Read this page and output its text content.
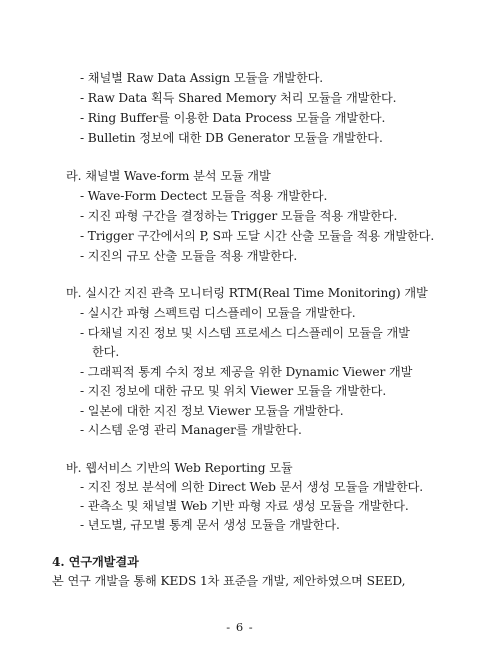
- 채널별 Raw Data Assign 모듈을 개발한다.
- Raw Data 획득 Shared Memory 처리 모듈을 개발한다.
- Ring Buffer를 이용한 Data Process 모듈을 개발한다.
- Bulletin 정보에 대한 DB Generator 모듈을 개발한다.
라. 채널별 Wave-form 분석 모듈 개발
- Wave-Form Dectect 모듈을 적용 개발한다.
- 지진 파형 구간을 결정하는 Trigger 모듈을 적용 개발한다.
- Trigger 구간에서의 P, S파 도달 시간 산출 모듈을 적용 개발한다.
- 지진의 규모 산출 모듈을 적용 개발한다.
마. 실시간 지진 관측 모니터링 RTM(Real Time Monitoring) 개발
- 실시간 파형 스펙트럼 디스플레이 모듈을 개발한다.
- 다채널 지진 정보 및 시스템 프로세스 디스플레이 모듈을 개발
한다.
- 그래픽적 통계 수치 정보 제공을 위한 Dynamic Viewer 개발
- 지진 정보에 대한 규모 및 위치 Viewer 모듈을 개발한다.
- 일본에 대한 지진 정보 Viewer 모듈을 개발한다.
- 시스템 운영 관리 Manager를 개발한다.
바. 웹서비스 기반의 Web Reporting 모듈
- 지진 정보 분석에 의한 Direct Web 문서 생성 모듈을 개발한다.
- 관측소 및 채널별 Web 기반 파형 자료 생성 모듈을 개발한다.
- 년도별, 규모별 통계 문서 생성 모듈을 개발한다.
4. 연구개발결과
본 연구 개발을 통해 KEDS 1차 표준을 개발, 제안하였으며 SEED,
- 6 -
